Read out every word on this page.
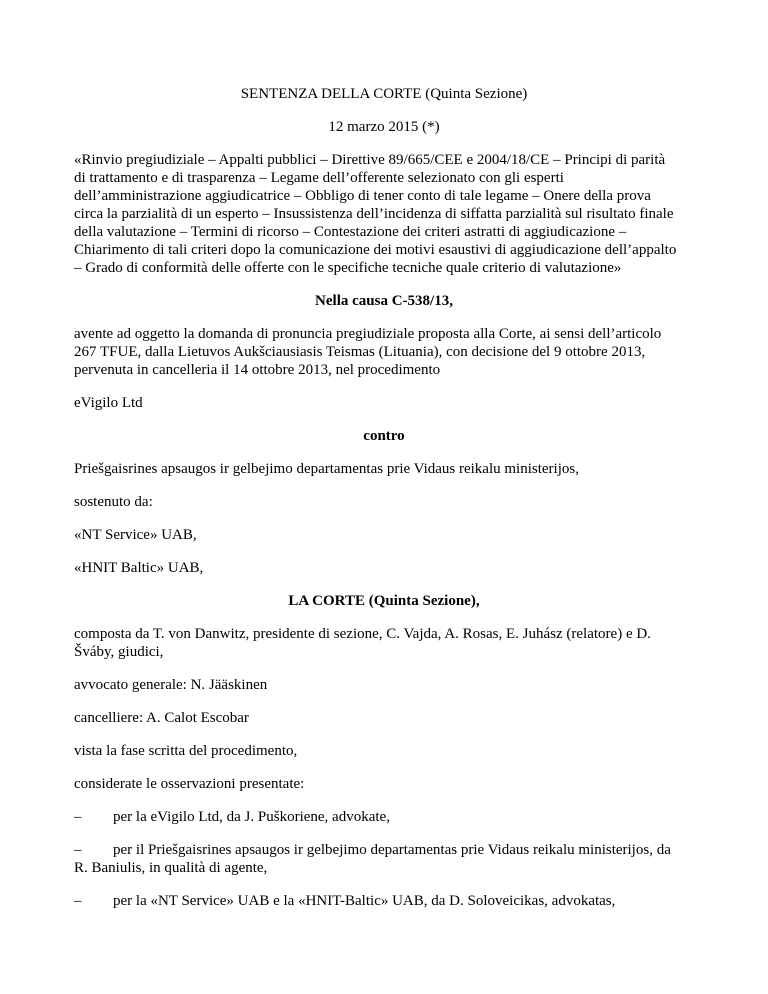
SENTENZA DELLA CORTE (Quinta Sezione)
12 marzo 2015 (*)
«Rinvio pregiudiziale – Appalti pubblici – Direttive 89/665/CEE e 2004/18/CE – Principi di parità
di trattamento e di trasparenza – Legame dell’offerente selezionato con gli esperti
dell’amministrazione aggiudicatrice – Obbligo di tener conto di tale legame – Onere della prova
circa la parzialità di un esperto – Insussistenza dell’incidenza di siffatta parzialità sul risultato finale
della valutazione – Termini di ricorso – Contestazione dei criteri astratti di aggiudicazione –
Chiarimento di tali criteri dopo la comunicazione dei motivi esaustivi di aggiudicazione dell’appalto
– Grado di conformità delle offerte con le specifiche tecniche quale criterio di valutazione»
Nella causa C‑538/13,
avente ad oggetto la domanda di pronuncia pregiudiziale proposta alla Corte, ai sensi dell’articolo
267 TFUE, dalla Lietuvos Aukšciausiasis Teismas (Lituania), con decisione del 9 ottobre 2013,
pervenuta in cancelleria il 14 ottobre 2013, nel procedimento
eVigilo Ltd
contro
Priešgaisrines apsaugos ir gelbejimo departamentas prie Vidaus reikalu ministerijos,
sostenuto da:
«NT Service» UAB,
«HNIT Baltic» UAB,
LA CORTE (Quinta Sezione),
composta da T. von Danwitz, presidente di sezione, C. Vajda, A. Rosas, E. Juhász (relatore) e D.
Šváby, giudici,
avvocato generale: N. Jääskinen
cancelliere: A. Calot Escobar
vista la fase scritta del procedimento,
considerate le osservazioni presentate:
– per la eVigilo Ltd, da J. Puškoriene, advokate,
– per il Priešgaisrines apsaugos ir gelbejimo departamentas prie Vidaus reikalu ministerijos, da
R. Baniulis, in qualità di agente,
– per la «NT Service» UAB e la «HNIT-Baltic» UAB, da D. Soloveicikas, advokatas,
